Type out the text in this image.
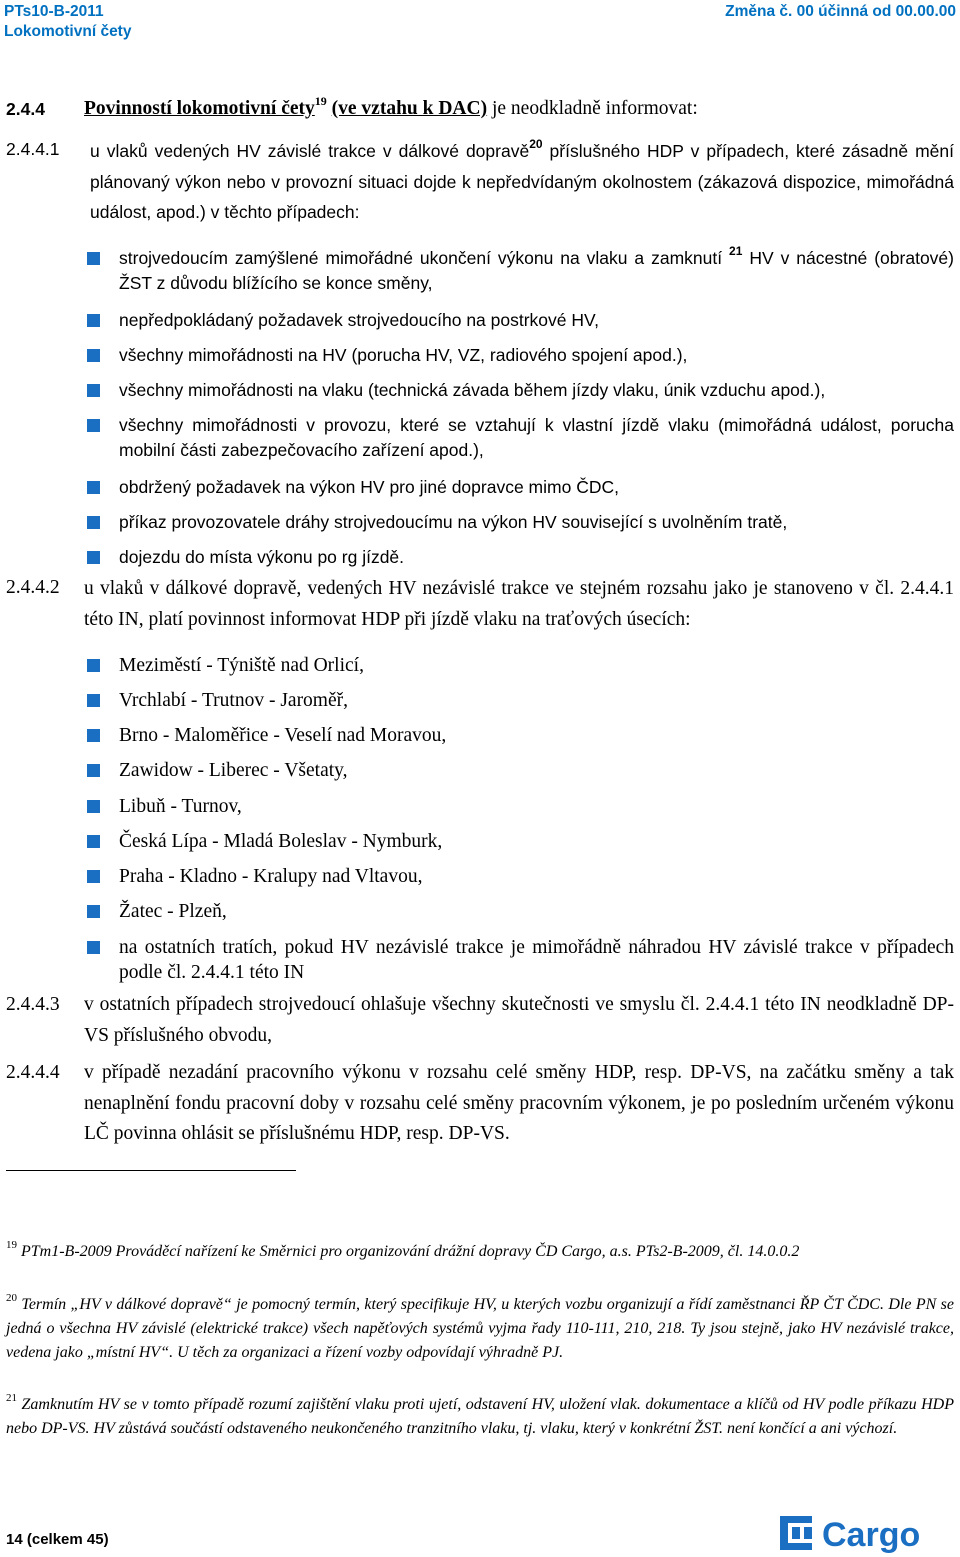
PTs10-B-2011
Lokomotivní čety
Změna č. 00 účinná od 00.00.00
2.4.4 Povinností lokomotivní čety$^{19}$ (ve vztahu k DAC) je neodkladně informovat:
2.4.4.1 u vlaků vedených HV závislé trakce v dálkové dopravě$^{20}$ příslušného HDP v případech, které zásadně mění plánovaný výkon nebo v provozní situaci dojde k nepředvídaným okolnostem (zákazová dispozice, mimořádná událost, apod.) v těchto případech:
strojvedoucím zamýšlené mimořádné ukončení výkonu na vlaku a zamknutí $^{21}$ HV v nácestné (obratové) ŽST z důvodu blížícího se konce směny,
nepředpokládaný požadavek strojvedoucího na postrkové HV,
všechny mimořádnosti na HV (porucha HV, VZ, radiového spojení apod.),
všechny mimořádnosti na vlaku (technická závada během jízdy vlaku, únik vzduchu apod.),
všechny mimořádnosti v provozu, které se vztahují k vlastní jízdě vlaku (mimořádná událost, porucha mobilní části zabezpečovacího zařízení apod.),
obdržený požadavek na výkon HV pro jiné dopravce mimo ČDC,
příkaz provozovatele dráhy strojvedoucímu na výkon HV související s uvolněním tratě,
dojezdu do místa výkonu po rg jízdě.
2.4.4.2 u vlaků v dálkové dopravě, vedených HV nezávislé trakce ve stejném rozsahu jako je stanoveno v čl. 2.4.4.1 této IN, platí povinnost informovat HDP při jízdě vlaku na traťových úsecích:
Meziměstí - Týniště nad Orlicí,
Vrchlabí - Trutnov - Jaroměř,
Brno - Maloměřice - Veselí nad Moravou,
Zawidow - Liberec - Všetaty,
Libuň - Turnov,
Česká Lípa - Mladá Boleslav - Nymburk,
Praha - Kladno - Kralupy nad Vltavou,
Žatec - Plzeň,
na ostatních tratích, pokud HV nezávislé trakce je mimořádně náhradou HV závislé trakce v případech podle čl. 2.4.4.1 této IN
2.4.4.3 v ostatních případech strojvedoucí ohlašuje všechny skutečnosti ve smyslu čl. 2.4.4.1 této IN neodkladně DP-VS příslušného obvodu,
2.4.4.4 v případě nezadání pracovního výkonu v rozsahu celé směny HDP, resp. DP-VS, na začátku směny a tak nenaplnění fondu pracovní doby v rozsahu celé směny pracovním výkonem, je po posledním určeném výkonu LČ povinna ohlásit se příslušnému HDP, resp. DP-VS.
$^{19}$ PTm1-B-2009 Prováděcí nařízení ke Směrnici pro organizování drážní dopravy ČD Cargo, a.s. PTs2-B-2009, čl. 14.0.0.2
$^{20}$ Termín „HV v dálkové dopravě“ je pomocný termín, který specifikuje HV, u kterých vozbu organizují a řídí zaměstnanci ŘP ČT ČDC. Dle PN se jedná o všechna HV závislé (elektrické trakce) všech napěťových systémů vyjma řady 110-111, 210, 218. Ty jsou stejně, jako HV nezávislé trakce, vedena jako „místní HV“. U těch za organizaci a řízení vozby odpovídají výhradně PJ.
$^{21}$ Zamknutím HV se v tomto případě rozumí zajištění vlaku proti ujetí, odstavení HV, uložení vlak. dokumentace a klíčů od HV podle příkazu HDP nebo DP-VS. HV zůstává součástí odstaveného neukončeného tranzitního vlaku, tj. vlaku, který v konkrétní ŽST. není končící a ani výchozí.
14 (celkem 45)	Cargo
